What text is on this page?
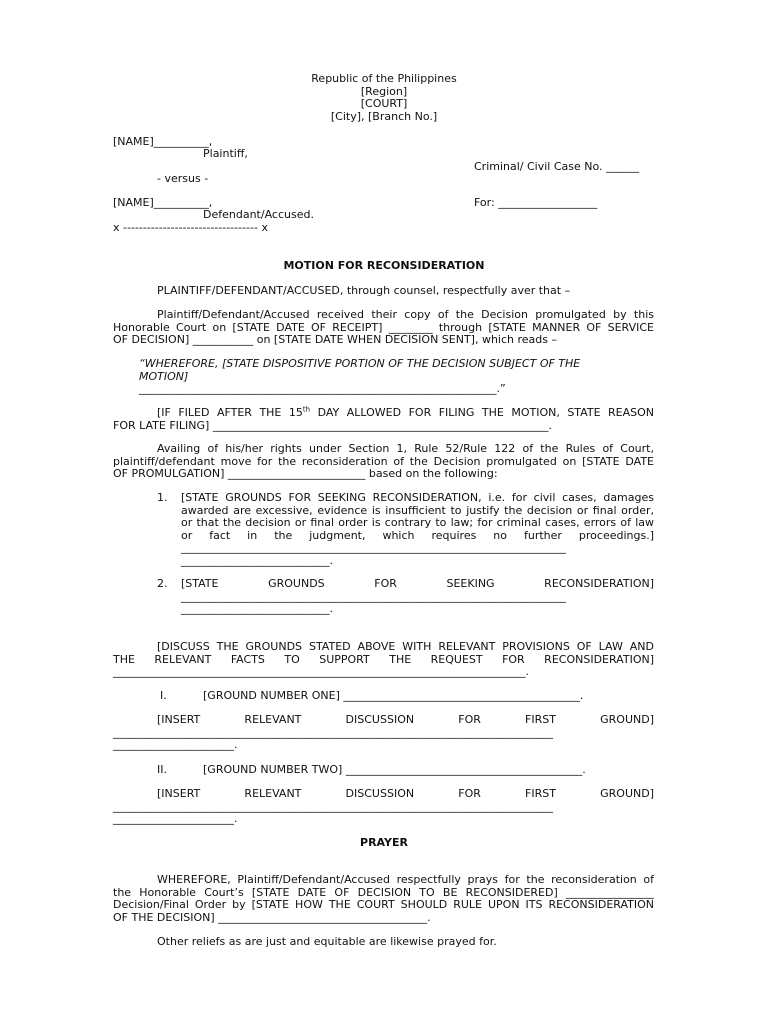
Republic of the Philippines
[Region]
[COURT]
[City], [Branch No.]
[NAME]__________,
Plaintiff,
Criminal/ Civil Case No. ______
- versus -
[NAME]__________,	For: __________________
Defendant/Accused.
x ---------------------------------- x
MOTION FOR RECONSIDERATION
PLAINTIFF/DEFENDANT/ACCUSED, through counsel, respectfully aver that –
Plaintiff/Defendant/Accused received their copy of the Decision promulgated by this
Honorable Court on [STATE DATE OF RECEIPT] ________ through [STATE MANNER OF SERVICE
OF DECISION] ___________ on [STATE DATE WHEN DECISION SENT], which reads –
“WHEREFORE, [STATE DISPOSITIVE PORTION OF THE DECISION SUBJECT OF THE
MOTION]
_________________________________________________________________.”
[IF FILED AFTER THE 15th DAY ALLOWED FOR FILING THE MOTION, STATE REASON
FOR LATE FILING] _____________________________________________________________.
Availing of his/her rights under Section 1, Rule 52/Rule 122 of the Rules of Court,
plaintiff/defendant move for the reconsideration of the Decision promulgated on [STATE DATE
OF PROMULGATION] _________________________ based on the following:
1. [STATE GROUNDS FOR SEEKING RECONSIDERATION, i.e. for civil cases, damages
awarded are excessive, evidence is insufficient to justify the decision or final order,
or that the decision or final order is contrary to law; for criminal cases, errors of law
or fact in the judgment, which requires no further proceedings.]
______________________________________________________________________
___________________________.
2. [STATE GROUNDS FOR SEEKING RECONSIDERATION]
______________________________________________________________________
___________________________.
[DISCUSS THE GROUNDS STATED ABOVE WITH RELEVANT PROVISIONS OF LAW AND
THE RELEVANT FACTS TO SUPPORT THE REQUEST FOR RECONSIDERATION]
___________________________________________________________________________.
I.	[GROUND NUMBER ONE] ___________________________________________.
[INSERT RELEVANT DISCUSSION FOR FIRST GROUND]
________________________________________________________________________________
______________________.
II.	[GROUND NUMBER TWO] ___________________________________________.
[INSERT RELEVANT DISCUSSION FOR FIRST GROUND]
________________________________________________________________________________
______________________.
PRAYER
WHEREFORE, Plaintiff/Defendant/Accused respectfully prays for the reconsideration of
the Honorable Court’s [STATE DATE OF DECISION TO BE RECONSIDERED] ________________
Decision/Final Order by [STATE HOW THE COURT SHOULD RULE UPON ITS RECONSIDERATION
OF THE DECISION] ______________________________________.
Other reliefs as are just and equitable are likewise prayed for.
